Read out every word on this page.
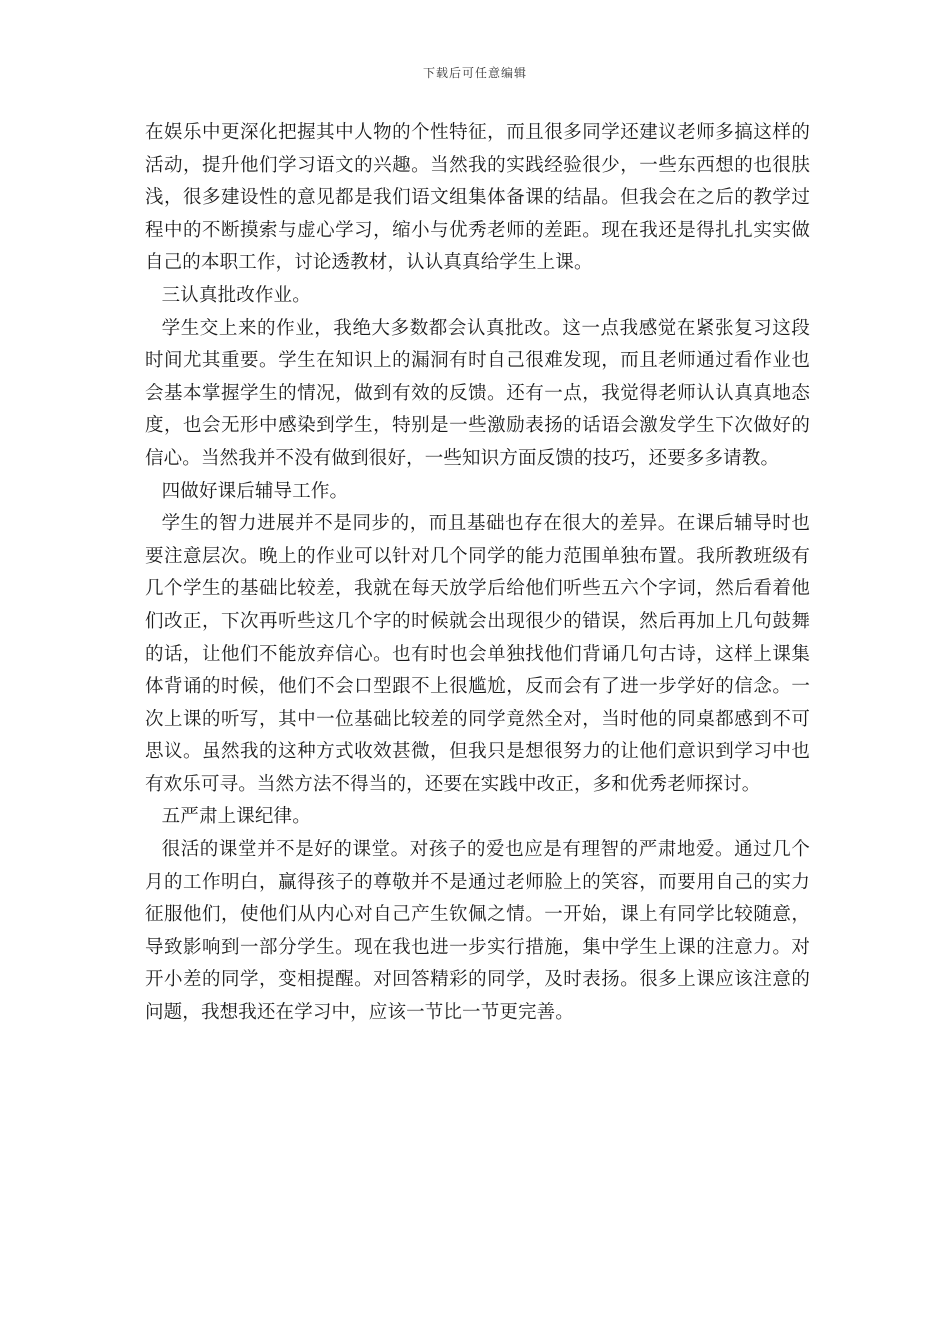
下载后可任意编辑

在娱乐中更深化把握其中人物的个性特征，而且很多同学还建议老师多搞这样的活动，提升他们学习语文的兴趣。当然我的实践经验很少，一些东西想的也很肤浅，很多建设性的意见都是我们语文组集体备课的结晶。但我会在之后的教学过程中的不断摸索与虚心学习，缩小与优秀老师的差距。现在我还是得扎扎实实做自己的本职工作，讨论透教材，认认真真给学生上课。

三认真批改作业。

学生交上来的作业，我绝大多数都会认真批改。这一点我感觉在紧张复习这段时间尤其重要。学生在知识上的漏洞有时自己很难发现，而且老师通过看作业也会基本掌握学生的情况，做到有效的反馈。还有一点，我觉得老师认认真真地态度，也会无形中感染到学生，特别是一些激励表扬的话语会激发学生下次做好的信心。当然我并不没有做到很好，一些知识方面反馈的技巧，还要多多请教。

四做好课后辅导工作。

学生的智力进展并不是同步的，而且基础也存在很大的差异。在课后辅导时也要注意层次。晚上的作业可以针对几个同学的能力范围单独布置。我所教班级有几个学生的基础比较差，我就在每天放学后给他们听些五六个字词，然后看着他们改正，下次再听些这几个字的时候就会出现很少的错误，然后再加上几句鼓舞的话，让他们不能放弃信心。也有时也会单独找他们背诵几句古诗，这样上课集体背诵的时候，他们不会口型跟不上很尴尬，反而会有了进一步学好的信念。一次上课的听写，其中一位基础比较差的同学竟然全对，当时他的同桌都感到不可思议。虽然我的这种方式收效甚微，但我只是想很努力的让他们意识到学习中也有欢乐可寻。当然方法不得当的，还要在实践中改正，多和优秀老师探讨。

五严肃上课纪律。

很活的课堂并不是好的课堂。对孩子的爱也应是有理智的严肃地爱。通过几个月的工作明白，赢得孩子的尊敬并不是通过老师脸上的笑容，而要用自己的实力征服他们，使他们从内心对自己产生钦佩之情。一开始，课上有同学比较随意，导致影响到一部分学生。现在我也进一步实行措施，集中学生上课的注意力。对开小差的同学，变相提醒。对回答精彩的同学，及时表扬。很多上课应该注意的问题，我想我还在学习中，应该一节比一节更完善。
